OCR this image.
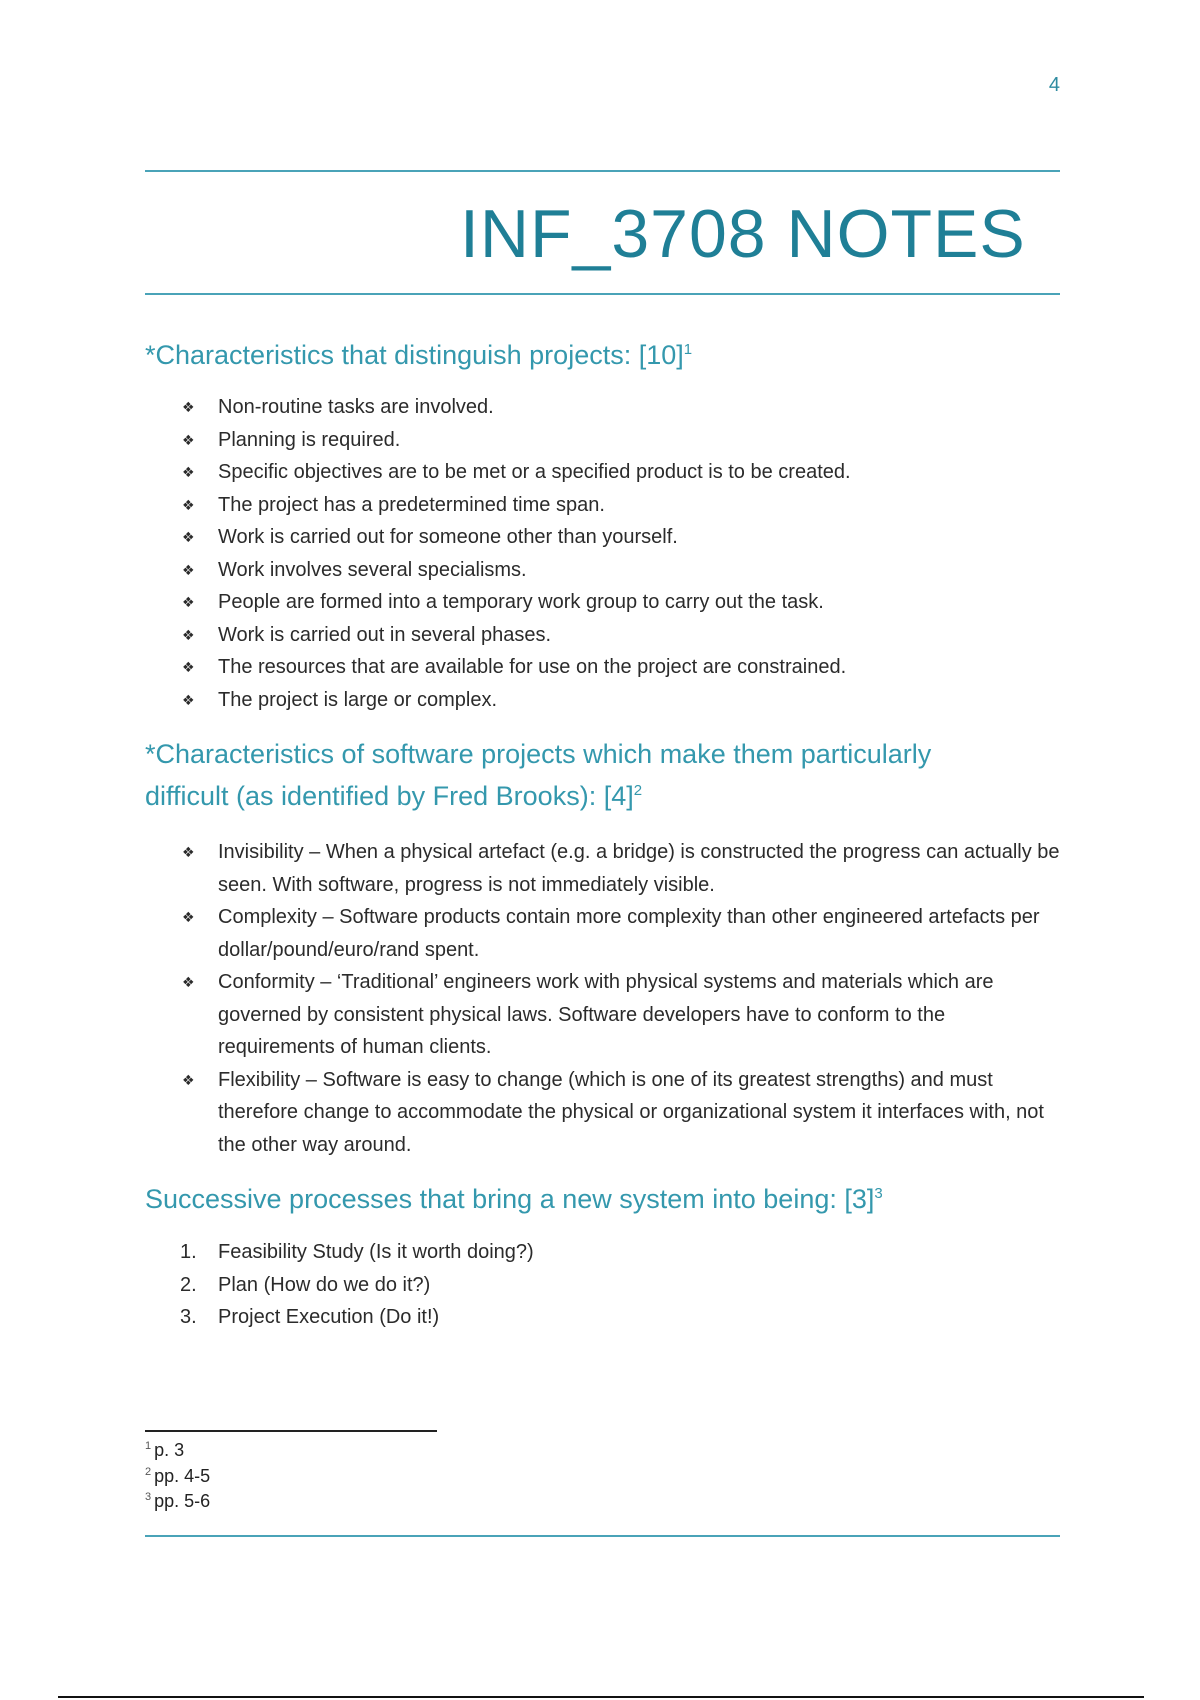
4
INF_3708 NOTES
*Characteristics that distinguish projects: $[10]^1$
❖ Non-routine tasks are involved.
❖ Planning is required.
❖ Specific objectives are to be met or a specified product is to be created.
❖ The project has a predetermined time span.
❖ Work is carried out for someone other than yourself.
❖ Work involves several specialisms.
❖ People are formed into a temporary work group to carry out the task.
❖ Work is carried out in several phases.
❖ The resources that are available for use on the project are constrained.
❖ The project is large or complex.
*Characteristics of software projects which make them particularly
difficult (as identified by Fred Brooks): $[4]^2$
❖ Invisibility – When a physical artefact (e.g. a bridge) is constructed the progress can actually be seen. With software, progress is not immediately visible.
❖ Complexity – Software products contain more complexity than other engineered artefacts per dollar/pound/euro/rand spent.
❖ Conformity – ‘Traditional’ engineers work with physical systems and materials which are governed by consistent physical laws. Software developers have to conform to the requirements of human clients.
❖ Flexibility – Software is easy to change (which is one of its greatest strengths) and must therefore change to accommodate the physical or organizational system it interfaces with, not the other way around.
Successive processes that bring a new system into being: $[3]^3$
1. Feasibility Study (Is it worth doing?)
2. Plan (How do we do it?)
3. Project Execution (Do it!)
$^1$ p. 3
$^2$ pp. 4-5
$^3$ pp. 5-6
